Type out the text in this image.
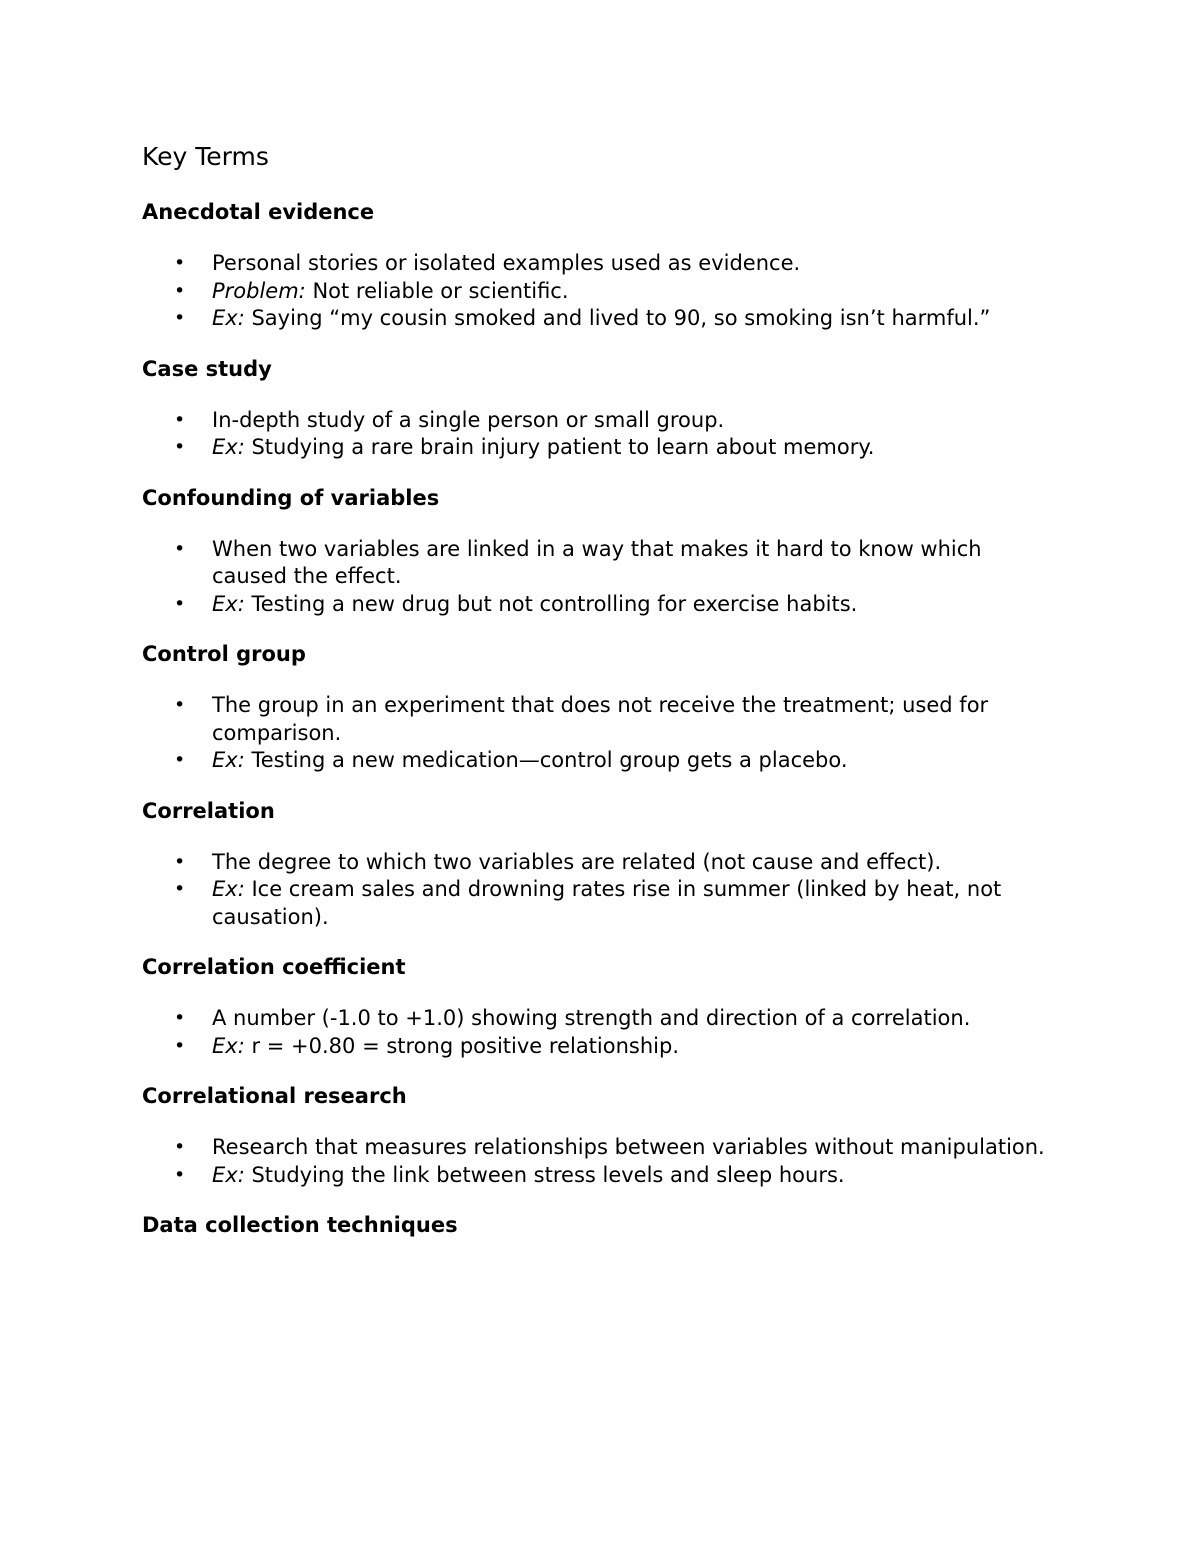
Key Terms
Anecdotal evidence
• Personal stories or isolated examples used as evidence.
• Problem: Not reliable or scientific.
• Ex: Saying “my cousin smoked and lived to 90, so smoking isn’t harmful.”
Case study
• In-depth study of a single person or small group.
• Ex: Studying a rare brain injury patient to learn about memory.
Confounding of variables
• When two variables are linked in a way that makes it hard to know which caused the effect.
• Ex: Testing a new drug but not controlling for exercise habits.
Control group
• The group in an experiment that does not receive the treatment; used for comparison.
• Ex: Testing a new medication—control group gets a placebo.
Correlation
• The degree to which two variables are related (not cause and effect).
• Ex: Ice cream sales and drowning rates rise in summer (linked by heat, not causation).
Correlation coefficient
• A number (-1.0 to +1.0) showing strength and direction of a correlation.
• Ex: r = +0.80 = strong positive relationship.
Correlational research
• Research that measures relationships between variables without manipulation.
• Ex: Studying the link between stress levels and sleep hours.
Data collection techniques
